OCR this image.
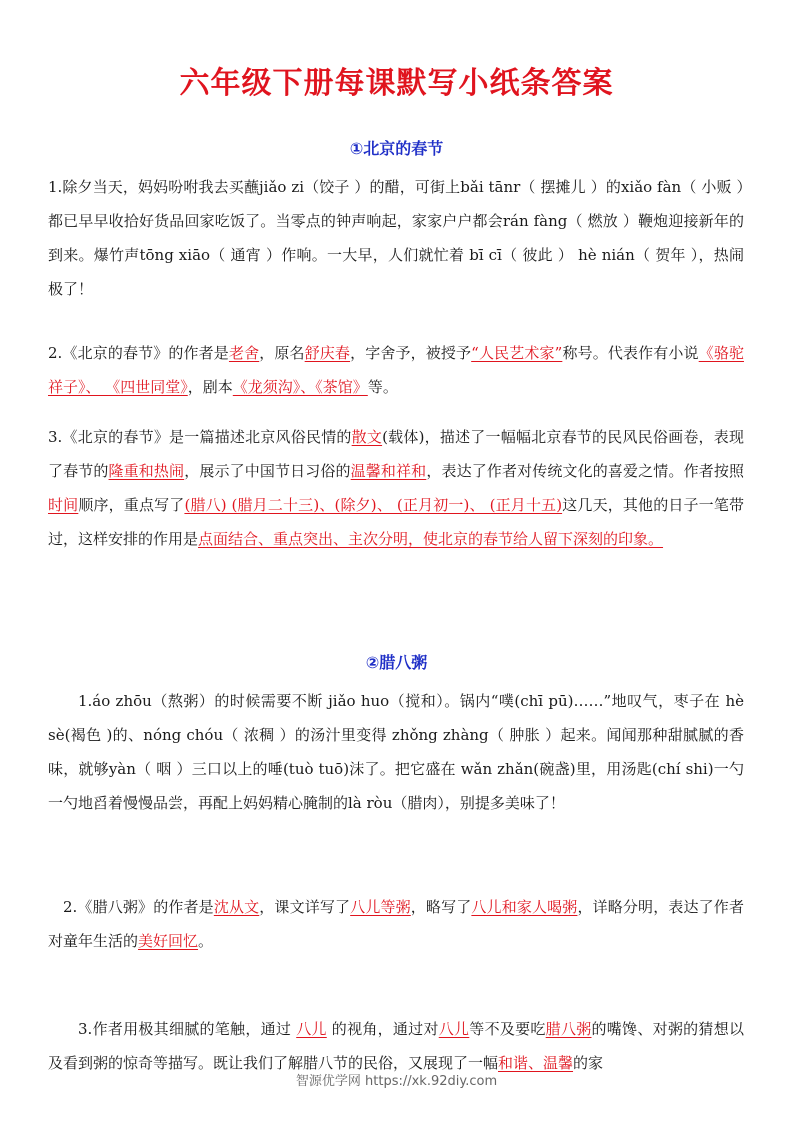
六年级下册每课默写小纸条答案
①北京的春节
1.除夕当天，妈妈吩咐我去买蘸jiǎo zi（饺子 ）的醋，可街上bǎi tānr（ 摆摊儿 ）的xiǎo fàn（ 小贩 ）都已早早收拾好货品回家吃饭了。当零点的钟声响起，家家户户都会rán fàng（ 燃放 ）鞭炮迎接新年的到来。爆竹声tōng xiāo（ 通宵 ）作响。一大早，人们就忙着 bī cī（ 彼此 ） hè nián（ 贺年 ），热闹极了！
2.《北京的春节》的作者是老舍，原名舒庆春，字舍予，被授予“人民艺术家”称号。代表作有小说《骆驼祥子》、 《四世同堂》，剧本《龙须沟》、《茶馆》等。
3.《北京的春节》是一篇描述北京风俗民情的散文(载体)，描述了一幅幅北京春节的民风民俗画卷，表现了春节的隆重和热闹，展示了中国节日习俗的温馨和祥和，表达了作者对传统文化的喜爱之情。作者按照时间顺序，重点写了(腊八) (腊月二十三)、(除夕)、 (正月初一)、 (正月十五)这几天，其他的日子一笔带过，这样安排的作用是点面结合、重点突出、主次分明，使北京的春节给人留下深刻的印象。
②腊八粥
1.áo zhōu（熬粥）的时候需要不断 jiǎo huo（搅和）。锅内“噗(chī pū)……”地叹气，枣子在 hè sè(褐色 )的、nóng chóu（ 浓稠 ）的汤汁里变得 zhǒng zhàng（ 肿胀 ）起来。闻闻那种甜腻腻的香味，就够yàn（ 咽 ）三口以上的唾(tuò tuō)沫了。把它盛在 wǎn zhǎn(碗盏)里，用汤匙(chí shi)一勺一勺地舀着慢慢品尝，再配上妈妈精心腌制的là ròu（腊肉），别提多美味了！
2.《腊八粥》的作者是沈从文，课文详写了八儿等粥，略写了八儿和家人喝粥，详略分明，表达了作者对童年生活的美好回忆。
3.作者用极其细腻的笔触，通过 八儿 的视角，通过对八儿等不及要吃腊八粥的嘴馋、对粥的猜想以及看到粥的惊奇等描写。既让我们了解腊八节的民俗，又展现了一幅和谐、温馨的家
智源优学网 https://xk.92diy.com
